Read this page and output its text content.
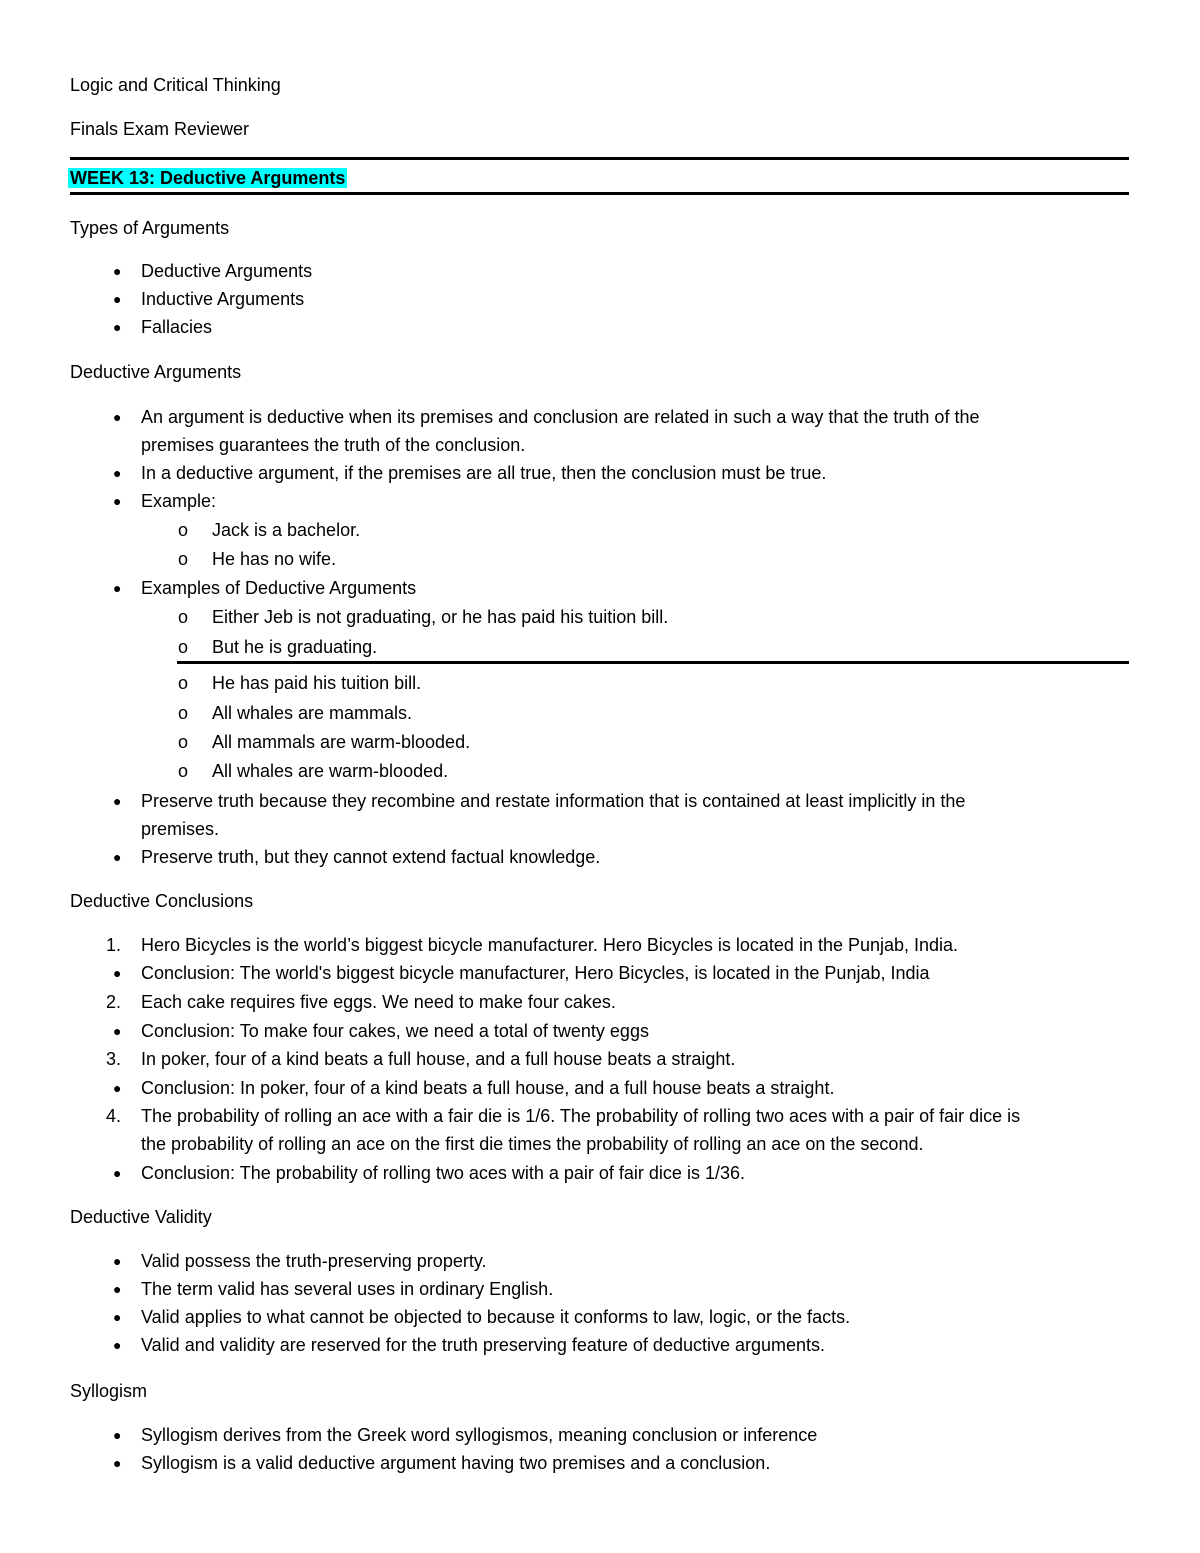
Logic and Critical Thinking
Finals Exam Reviewer
WEEK 13: Deductive Arguments
Types of Arguments
● Deductive Arguments
● Inductive Arguments
● Fallacies
Deductive Arguments
● An argument is deductive when its premises and conclusion are related in such a way that the truth of the
premises guarantees the truth of the conclusion.
● In a deductive argument, if the premises are all true, then the conclusion must be true.
● Example:
o Jack is a bachelor.
o He has no wife.
● Examples of Deductive Arguments
o Either Jeb is not graduating, or he has paid his tuition bill.
o But he is graduating.
o He has paid his tuition bill.
o All whales are mammals.
o All mammals are warm-blooded.
o All whales are warm-blooded.
● Preserve truth because they recombine and restate information that is contained at least implicitly in the
premises.
● Preserve truth, but they cannot extend factual knowledge.
Deductive Conclusions
1. Hero Bicycles is the world’s biggest bicycle manufacturer. Hero Bicycles is located in the Punjab, India.
● Conclusion: The world's biggest bicycle manufacturer, Hero Bicycles, is located in the Punjab, India
2. Each cake requires five eggs. We need to make four cakes.
● Conclusion: To make four cakes, we need a total of twenty eggs
3. In poker, four of a kind beats a full house, and a full house beats a straight.
● Conclusion: In poker, four of a kind beats a full house, and a full house beats a straight.
4. The probability of rolling an ace with a fair die is 1/6. The probability of rolling two aces with a pair of fair dice is
the probability of rolling an ace on the first die times the probability of rolling an ace on the second.
● Conclusion: The probability of rolling two aces with a pair of fair dice is 1/36.
Deductive Validity
● Valid possess the truth-preserving property.
● The term valid has several uses in ordinary English.
● Valid applies to what cannot be objected to because it conforms to law, logic, or the facts.
● Valid and validity are reserved for the truth preserving feature of deductive arguments.
Syllogism
● Syllogism derives from the Greek word syllogismos, meaning conclusion or inference
● Syllogism is a valid deductive argument having two premises and a conclusion.
